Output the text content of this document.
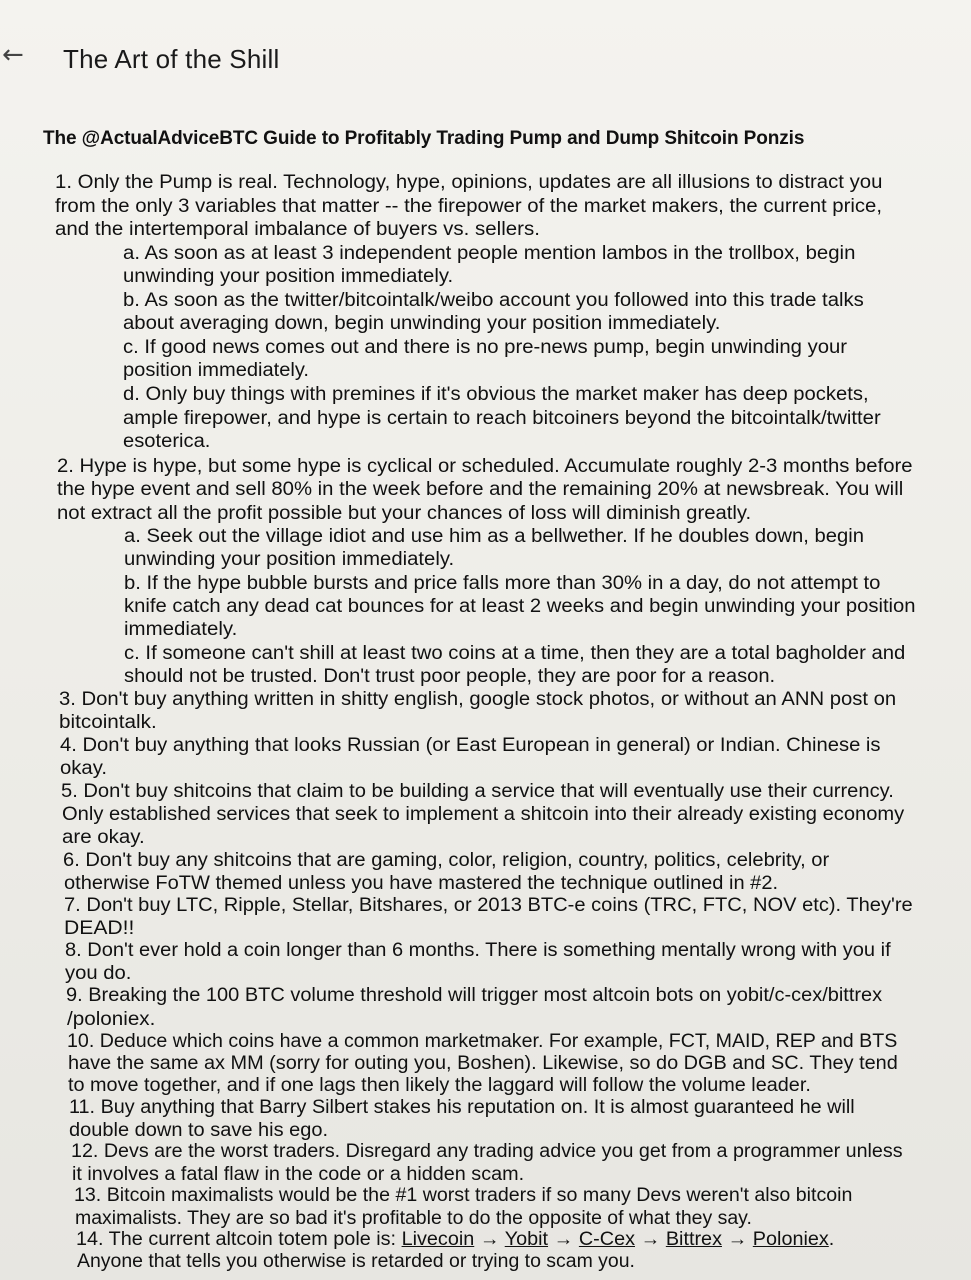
← The Art of the Shill
The @ActualAdviceBTC Guide to Profitably Trading Pump and Dump Shitcoin Ponzis
1. Only the Pump is real. Technology, hype, opinions, updates are all illusions to distract you
from the only 3 variables that matter -- the firepower of the market makers, the current price,
and the intertemporal imbalance of buyers vs. sellers.
a. As soon as at least 3 independent people mention lambos in the trollbox, begin
unwinding your position immediately.
b. As soon as the twitter/bitcointalk/weibo account you followed into this trade talks
about averaging down, begin unwinding your position immediately.
c. If good news comes out and there is no pre-news pump, begin unwinding your
position immediately.
d. Only buy things with premines if it's obvious the market maker has deep pockets,
ample firepower, and hype is certain to reach bitcoiners beyond the bitcointalk/twitter
esoterica.
2. Hype is hype, but some hype is cyclical or scheduled. Accumulate roughly 2-3 months before
the hype event and sell 80% in the week before and the remaining 20% at newsbreak. You will
not extract all the profit possible but your chances of loss will diminish greatly.
a. Seek out the village idiot and use him as a bellwether. If he doubles down, begin
unwinding your position immediately.
b. If the hype bubble bursts and price falls more than 30% in a day, do not attempt to
knife catch any dead cat bounces for at least 2 weeks and begin unwinding your position
immediately.
c. If someone can't shill at least two coins at a time, then they are a total bagholder and
should not be trusted. Don't trust poor people, they are poor for a reason.
3. Don't buy anything written in shitty english, google stock photos, or without an ANN post on
bitcointalk.
4. Don't buy anything that looks Russian (or East European in general) or Indian. Chinese is
okay.
5. Don't buy shitcoins that claim to be building a service that will eventually use their currency.
Only established services that seek to implement a shitcoin into their already existing economy
are okay.
6. Don't buy any shitcoins that are gaming, color, religion, country, politics, celebrity, or
otherwise FoTW themed unless you have mastered the technique outlined in #2.
7. Don't buy LTC, Ripple, Stellar, Bitshares, or 2013 BTC-e coins (TRC, FTC, NOV etc). They're
DEAD!!
8. Don't ever hold a coin longer than 6 months. There is something mentally wrong with you if
you do.
9. Breaking the 100 BTC volume threshold will trigger most altcoin bots on yobit/c-cex/bittrex
/poloniex.
10. Deduce which coins have a common marketmaker. For example, FCT, MAID, REP and BTS
have the same ax MM (sorry for outing you, Boshen). Likewise, so do DGB and SC. They tend
to move together, and if one lags then likely the laggard will follow the volume leader.
11. Buy anything that Barry Silbert stakes his reputation on. It is almost guaranteed he will
double down to save his ego.
12. Devs are the worst traders. Disregard any trading advice you get from a programmer unless
it involves a fatal flaw in the code or a hidden scam.
13. Bitcoin maximalists would be the #1 worst traders if so many Devs weren't also bitcoin
maximalists. They are so bad it's profitable to do the opposite of what they say.
14. The current altcoin totem pole is: Livecoin → Yobit → C-Cex → Bittrex → Poloniex.
Anyone that tells you otherwise is retarded or trying to scam you.
